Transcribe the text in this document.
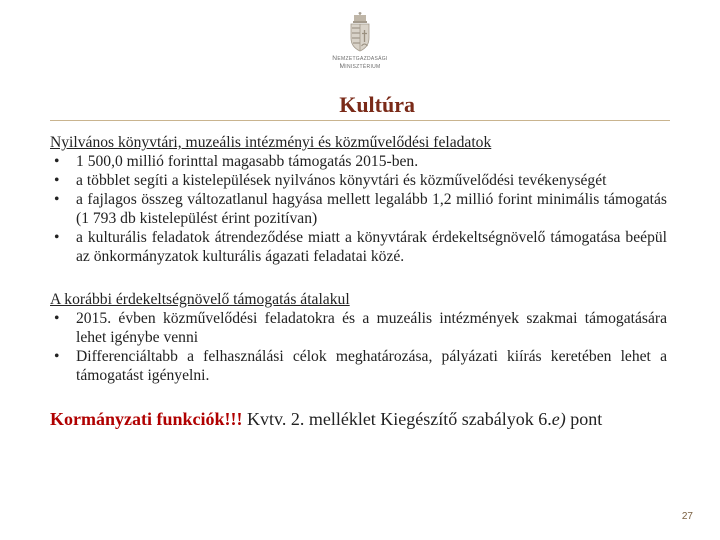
Nemzetgazdasági
Minisztérium
Kultúra
Nyilvános könyvtári, muzeális intézményi és közművelődési feladatok
• 1 500,0 millió forinttal magasabb támogatás 2015-ben.
• a többlet segíti a kistelepülések nyilvános könyvtári és közművelődési tevékenységét
• a fajlagos összeg változatlanul hagyása mellett legalább 1,2 millió forint minimális támogatás (1 793 db kistelepülést érint pozitívan)
• a kulturális feladatok átrendeződése miatt a könyvtárak érdekeltségnövelő támogatása beépül az önkormányzatok kulturális ágazati feladatai közé.
A korábbi érdekeltségnövelő támogatás átalakul
• 2015. évben közművelődési feladatokra és a muzeális intézmények szakmai támogatására lehet igénybe venni
• Differenciáltabb a felhasználási célok meghatározása, pályázati kiírás keretében lehet a támogatást igényelni.
Kormányzati funkciók!!! Kvtv. 2. melléklet Kiegészítő szabályok 6.e) pont
27
